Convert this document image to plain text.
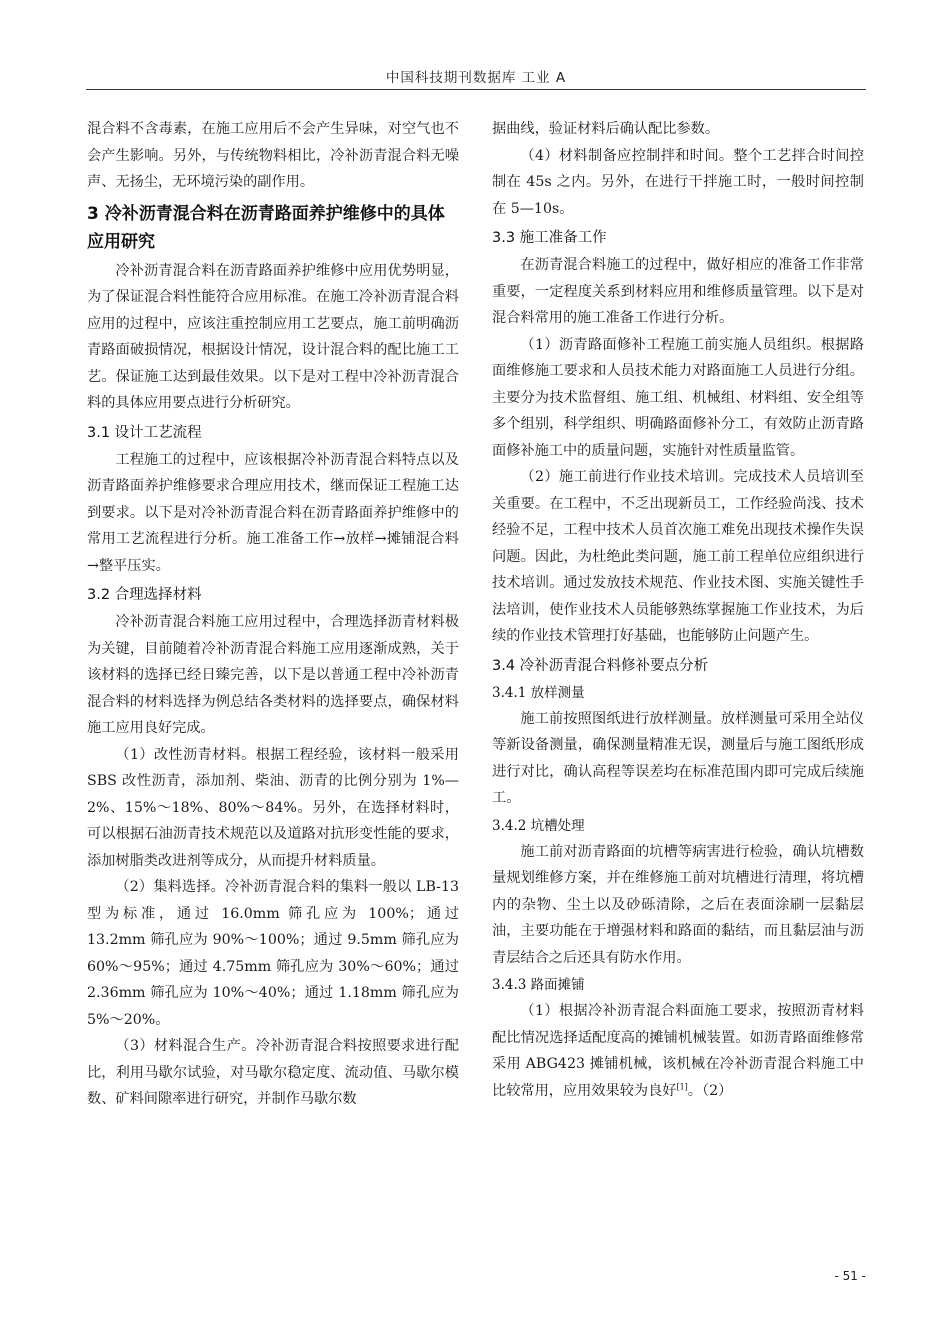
中国科技期刊数据库 工业 A

混合料不含毒素，在施工应用后不会产生异味，对空气也不会产生影响。另外，与传统物料相比，冷补沥青混合料无噪声、无扬尘，无环境污染的副作用。

3 冷补沥青混合料在沥青路面养护维修中的具体应用研究

冷补沥青混合料在沥青路面养护维修中应用优势明显，为了保证混合料性能符合应用标准。在施工冷补沥青混合料应用的过程中，应该注重控制应用工艺要点，施工前明确沥青路面破损情况，根据设计情况，设计混合料的配比施工工艺。保证施工达到最佳效果。以下是对工程中冷补沥青混合料的具体应用要点进行分析研究。

3.1 设计工艺流程

工程施工的过程中，应该根据冷补沥青混合料特点以及沥青路面养护维修要求合理应用技术，继而保证工程施工达到要求。以下是对冷补沥青混合料在沥青路面养护维修中的常用工艺流程进行分析。施工准备工作→放样→摊铺混合料→整平压实。

3.2 合理选择材料

冷补沥青混合料施工应用过程中，合理选择沥青材料极为关键，目前随着冷补沥青混合料施工应用逐渐成熟，关于该材料的选择已经日臻完善，以下是以普通工程中冷补沥青混合料的材料选择为例总结各类材料的选择要点，确保材料施工应用良好完成。

（1）改性沥青材料。根据工程经验，该材料一般采用 SBS 改性沥青，添加剂、柴油、沥青的比例分别为 1%—2%、15%～18%、80%～84%。另外，在选择材料时，可以根据石油沥青技术规范以及道路对抗形变性能的要求，添加树脂类改进剂等成分，从而提升材料质量。

（2）集料选择。冷补沥青混合料的集料一般以 LB-13 型为标准，通过 16.0mm 筛孔应为 100%；通过 13.2mm 筛孔应为 90%～100%；通过 9.5mm 筛孔应为 60%～95%；通过 4.75mm 筛孔应为 30%～60%；通过 2.36mm 筛孔应为 10%～40%；通过 1.18mm 筛孔应为 5%～20%。

（3）材料混合生产。冷补沥青混合料按照要求进行配比，利用马歇尔试验，对马歇尔稳定度、流动值、马歇尔模数、矿料间隙率进行研究，并制作马歇尔数

据曲线，验证材料后确认配比参数。

（4）材料制备应控制拌和时间。整个工艺拌合时间控制在 45s 之内。另外，在进行干拌施工时，一般时间控制在 5—10s。

3.3 施工准备工作

在沥青混合料施工的过程中，做好相应的准备工作非常重要，一定程度关系到材料应用和维修质量管理。以下是对混合料常用的施工准备工作进行分析。

（1）沥青路面修补工程施工前实施人员组织。根据路面维修施工要求和人员技术能力对路面施工人员进行分组。主要分为技术监督组、施工组、机械组、材料组、安全组等多个组别，科学组织、明确路面修补分工，有效防止沥青路面修补施工中的质量问题，实施针对性质量监管。

（2）施工前进行作业技术培训。完成技术人员培训至关重要。在工程中，不乏出现新员工，工作经验尚浅、技术经验不足，工程中技术人员首次施工难免出现技术操作失误问题。因此，为杜绝此类问题，施工前工程单位应组织进行技术培训。通过发放技术规范、作业技术图、实施关键性手法培训，使作业技术人员能够熟练掌握施工作业技术，为后续的作业技术管理打好基础，也能够防止问题产生。

3.4 冷补沥青混合料修补要点分析
3.4.1 放样测量

施工前按照图纸进行放样测量。放样测量可采用全站仪等新设备测量，确保测量精准无误，测量后与施工图纸形成进行对比，确认高程等误差均在标准范围内即可完成后续施工。

3.4.2 坑槽处理

施工前对沥青路面的坑槽等病害进行检验，确认坑槽数量规划维修方案，并在维修施工前对坑槽进行清理，将坑槽内的杂物、尘土以及砂砾清除，之后在表面涂刷一层黏层油，主要功能在于增强材料和路面的黏结，而且黏层油与沥青层结合之后还具有防水作用。

3.4.3 路面摊铺

（1）根据冷补沥青混合料面施工要求，按照沥青材料配比情况选择适配度高的摊铺机械装置。如沥青路面维修常采用 ABG423 摊铺机械，该机械在冷补沥青混合料施工中比较常用，应用效果较为良好[1]。（2）

- 51 -
